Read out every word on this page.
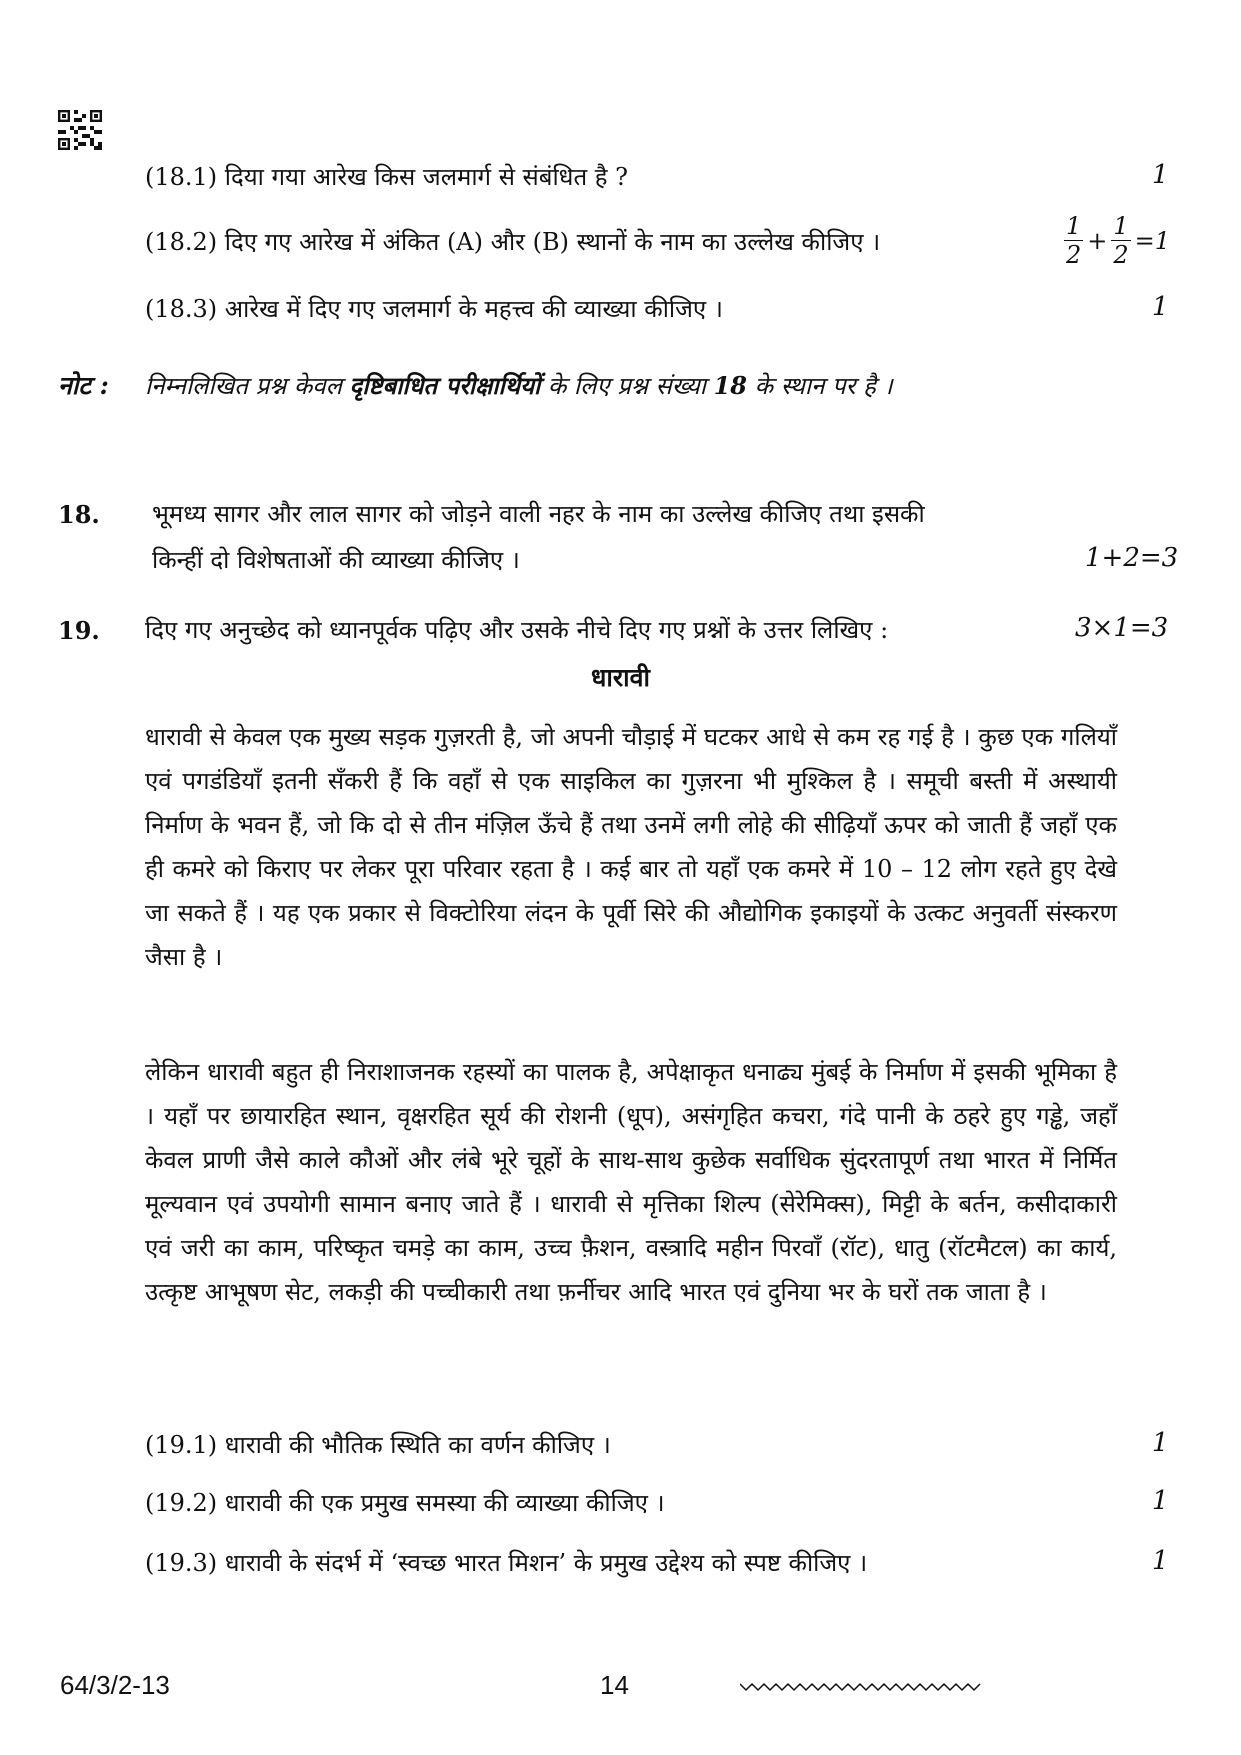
(18.1) दिया गया आरेख किस जलमार्ग से संबंधित है ?	1
(18.2) दिए गए आरेख में अंकित (A) और (B) स्थानों के नाम का उल्लेख कीजिए ।	$\frac{1}{2} + \frac{1}{2} =1$
(18.3) आरेख में दिए गए जलमार्ग के महत्त्व की व्याख्या कीजिए ।	1
नोट : निम्नलिखित प्रश्न केवल दृष्टिबाधित परीक्षार्थियों के लिए प्रश्न संख्या 18 के स्थान पर है ।
18. भूमध्य सागर और लाल सागर को जोड़ने वाली नहर के नाम का उल्लेख कीजिए तथा इसकी
किन्हीं दो विशेषताओं की व्याख्या कीजिए ।	1+2=3
19. दिए गए अनुच्छेद को ध्यानपूर्वक पढ़िए और उसके नीचे दिए गए प्रश्नों के उत्तर लिखिए :	3×1=3
धारावी
धारावी से केवल एक मुख्य सड़क गुज़रती है, जो अपनी चौड़ाई में घटकर आधे से कम रह गई है । कुछ एक गलियाँ एवं पगडंडियाँ इतनी सँकरी हैं कि वहाँ से एक साइकिल का गुज़रना भी मुश्किल है । समूची बस्ती में अस्थायी निर्माण के भवन हैं, जो कि दो से तीन मंज़िल ऊँचे हैं तथा उनमें लगी लोहे की सीढ़ियाँ ऊपर को जाती हैं जहाँ एक ही कमरे को किराए पर लेकर पूरा परिवार रहता है । कई बार तो यहाँ एक कमरे में 10 – 12 लोग रहते हुए देखे जा सकते हैं । यह एक प्रकार से विक्टोरिया लंदन के पूर्वी सिरे की औद्योगिक इकाइयों के उत्कट अनुवर्ती संस्करण जैसा है ।
लेकिन धारावी बहुत ही निराशाजनक रहस्यों का पालक है, अपेक्षाकृत धनाढ्य मुंबई के निर्माण में इसकी भूमिका है । यहाँ पर छायारहित स्थान, वृक्षरहित सूर्य की रोशनी (धूप), असंगृहित कचरा, गंदे पानी के ठहरे हुए गड्ढे, जहाँ केवल प्राणी जैसे काले कौओं और लंबे भूरे चूहों के साथ-साथ कुछेक सर्वाधिक सुंदरतापूर्ण तथा भारत में निर्मित मूल्यवान एवं उपयोगी सामान बनाए जाते हैं । धारावी से मृत्तिका शिल्प (सेरेमिक्स), मिट्टी के बर्तन, कसीदाकारी एवं जरी का काम, परिष्कृत चमड़े का काम, उच्च फ़ैशन, वस्त्रादि महीन पिरवाँ (रॉट), धातु (रॉटमैटल) का कार्य, उत्कृष्ट आभूषण सेट, लकड़ी की पच्चीकारी तथा फ़र्नीचर आदि भारत एवं दुनिया भर के घरों तक जाता है ।
(19.1) धारावी की भौतिक स्थिति का वर्णन कीजिए ।	1
(19.2) धारावी की एक प्रमुख समस्या की व्याख्या कीजिए ।	1
(19.3) धारावी के संदर्भ में ‘स्वच्छ भारत मिशन’ के प्रमुख उद्देश्य को स्पष्ट कीजिए ।	1
64/3/2-13	14
